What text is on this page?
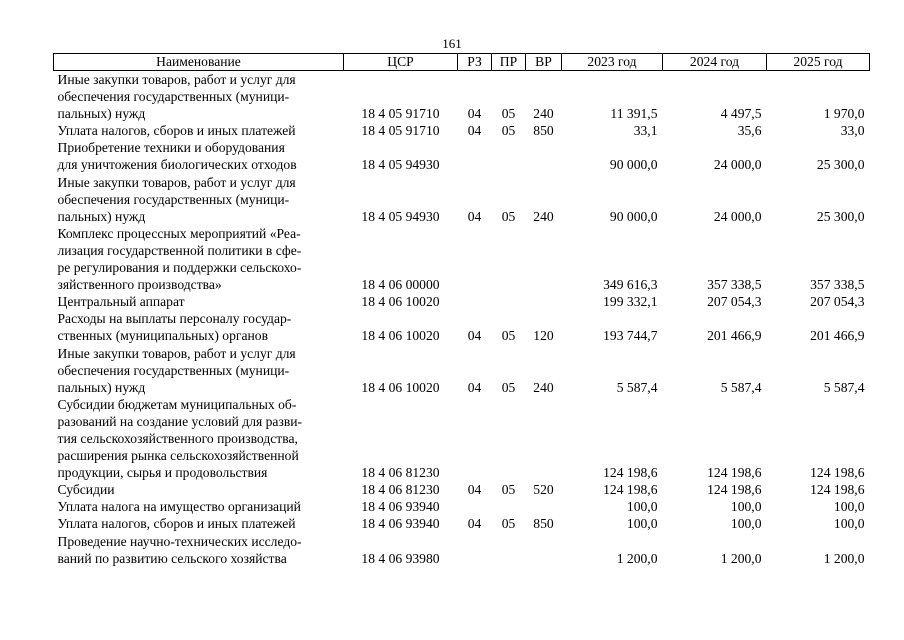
161
Наименование	ЦСР	РЗ	ПР	ВР	2023 год	2024 год	2025 год
Иные закупки товаров, работ и услуг для
обеспечения государственных (муници-
пальных) нужд	18 4 05 91710	04	05	240	11 391,5	4 497,5	1 970,0
Уплата налогов, сборов и иных платежей	18 4 05 91710	04	05	850	33,1	35,6	33,0
Приобретение техники и оборудования
для уничтожения биологических отходов	18 4 05 94930				90 000,0	24 000,0	25 300,0
Иные закупки товаров, работ и услуг для
обеспечения государственных (муници-
пальных) нужд	18 4 05 94930	04	05	240	90 000,0	24 000,0	25 300,0
Комплекс процессных мероприятий «Реа-
лизация государственной политики в сфе-
ре регулирования и поддержки сельскохо-
зяйственного производства»	18 4 06 00000				349 616,3	357 338,5	357 338,5
Центральный аппарат	18 4 06 10020				199 332,1	207 054,3	207 054,3
Расходы на выплаты персоналу государ-
ственных (муниципальных) органов	18 4 06 10020	04	05	120	193 744,7	201 466,9	201 466,9
Иные закупки товаров, работ и услуг для
обеспечения государственных (муници-
пальных) нужд	18 4 06 10020	04	05	240	5 587,4	5 587,4	5 587,4
Субсидии бюджетам муниципальных об-
разований на создание условий для разви-
тия сельскохозяйственного производства,
расширения рынка сельскохозяйственной
продукции, сырья и продовольствия	18 4 06 81230				124 198,6	124 198,6	124 198,6
Субсидии	18 4 06 81230	04	05	520	124 198,6	124 198,6	124 198,6
Уплата налога на имущество организаций	18 4 06 93940				100,0	100,0	100,0
Уплата налогов, сборов и иных платежей	18 4 06 93940	04	05	850	100,0	100,0	100,0
Проведение научно-технических исследо-
ваний по развитию сельского хозяйства	18 4 06 93980				1 200,0	1 200,0	1 200,0
